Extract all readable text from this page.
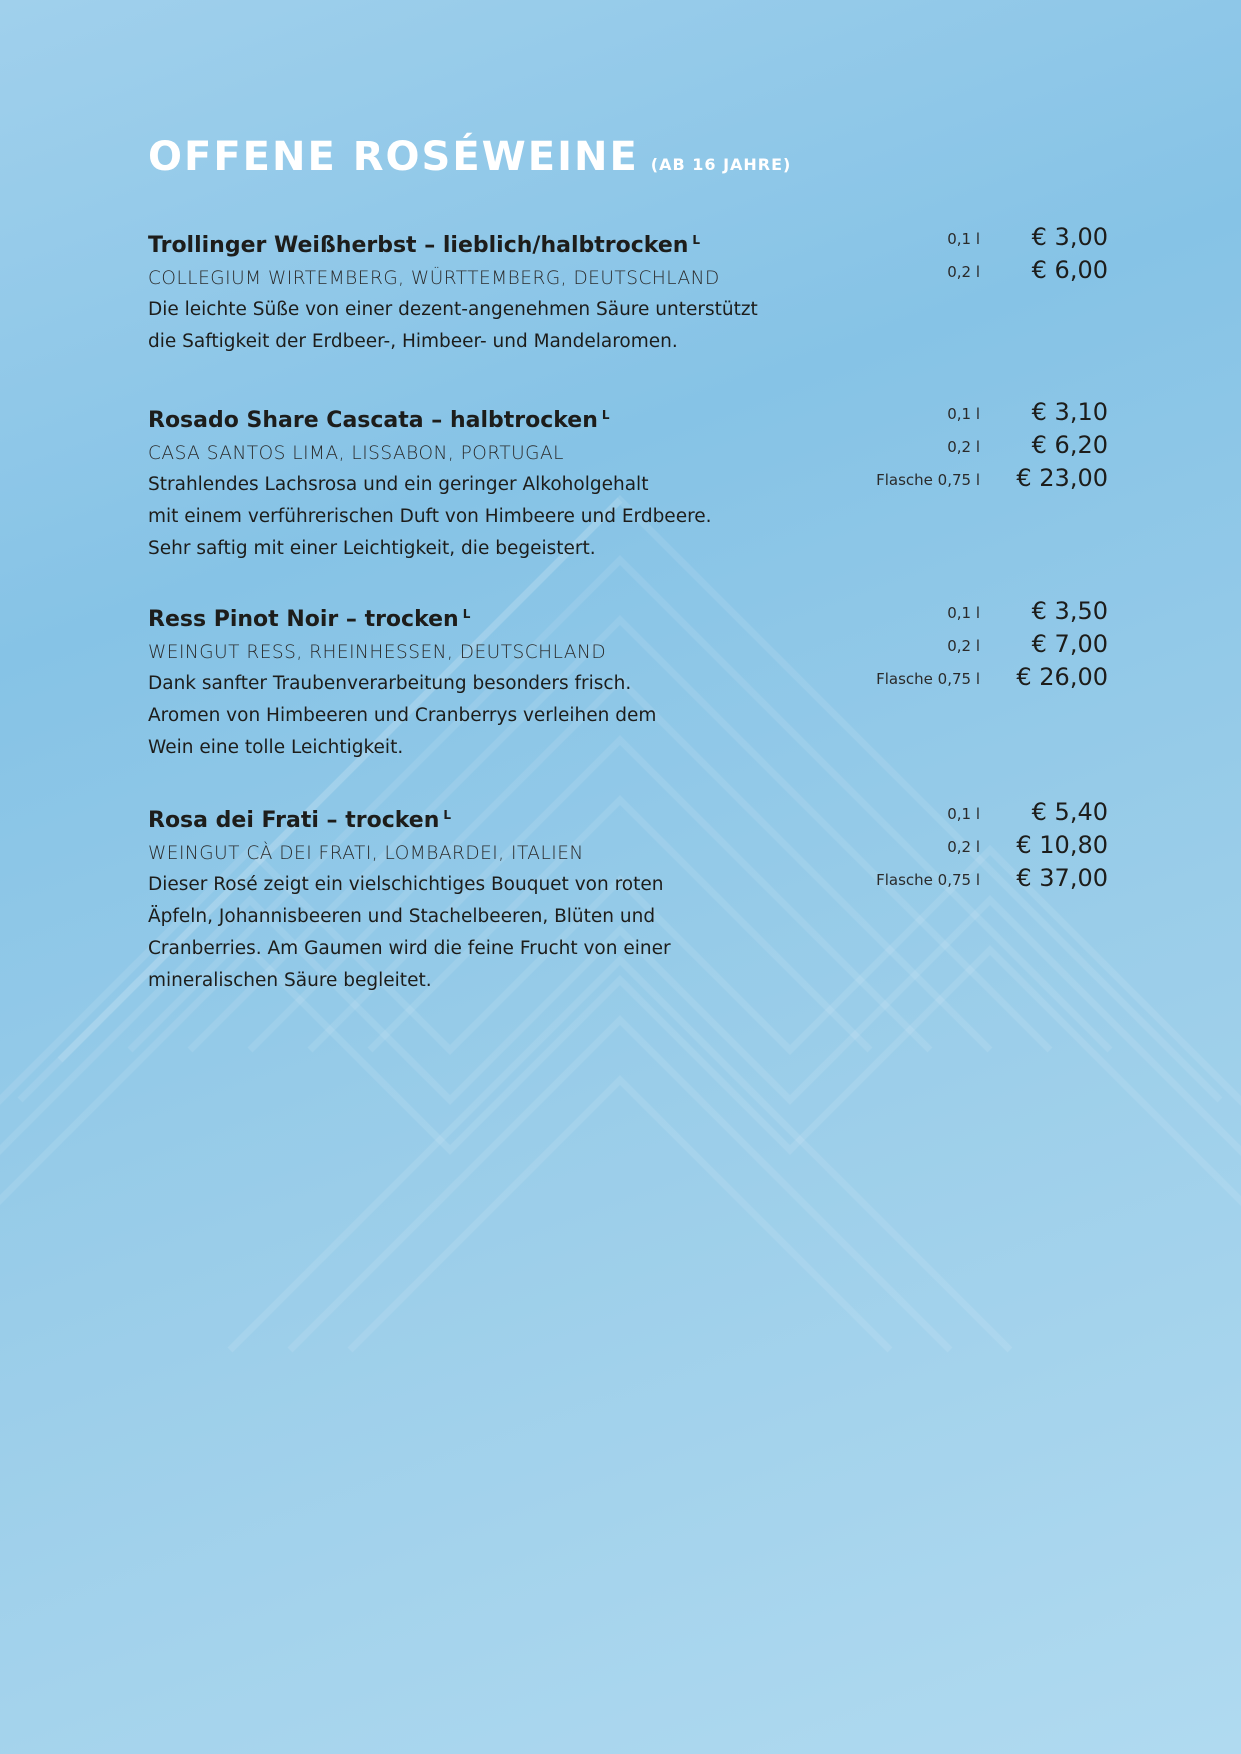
OFFENE ROSÉWEINE (AB 16 JAHRE)
Trollinger Weißherbst – lieblich/halbtrocken $^L$
COLLEGIUM WIRTEMBERG, WÜRTTEMBERG, DEUTSCHLAND
Die leichte Süße von einer dezent-angenehmen Säure unterstützt
die Saftigkeit der Erdbeer-, Himbeer- und Mandelaromen.
0,1 l € 3,00
0,2 l € 6,00
Rosado Share Cascata – halbtrocken $^L$
CASA SANTOS LIMA, LISSABON, PORTUGAL
Strahlendes Lachsrosa und ein geringer Alkoholgehalt
mit einem verführerischen Duft von Himbeere und Erdbeere.
Sehr saftig mit einer Leichtigkeit, die begeistert.
0,1 l € 3,10
0,2 l € 6,20
Flasche 0,75 l € 23,00
Ress Pinot Noir – trocken $^L$
WEINGUT RESS, RHEINHESSEN, DEUTSCHLAND
Dank sanfter Traubenverarbeitung besonders frisch.
Aromen von Himbeeren und Cranberrys verleihen dem
Wein eine tolle Leichtigkeit.
0,1 l € 3,50
0,2 l € 7,00
Flasche 0,75 l € 26,00
Rosa dei Frati – trocken $^L$
WEINGUT CÀ DEI FRATI, LOMBARDEI, ITALIEN
Dieser Rosé zeigt ein vielschichtiges Bouquet von roten
Äpfeln, Johannisbeeren und Stachelbeeren, Blüten und
Cranberries. Am Gaumen wird die feine Frucht von einer
mineralischen Säure begleitet.
0,1 l € 5,40
0,2 l € 10,80
Flasche 0,75 l € 37,00
